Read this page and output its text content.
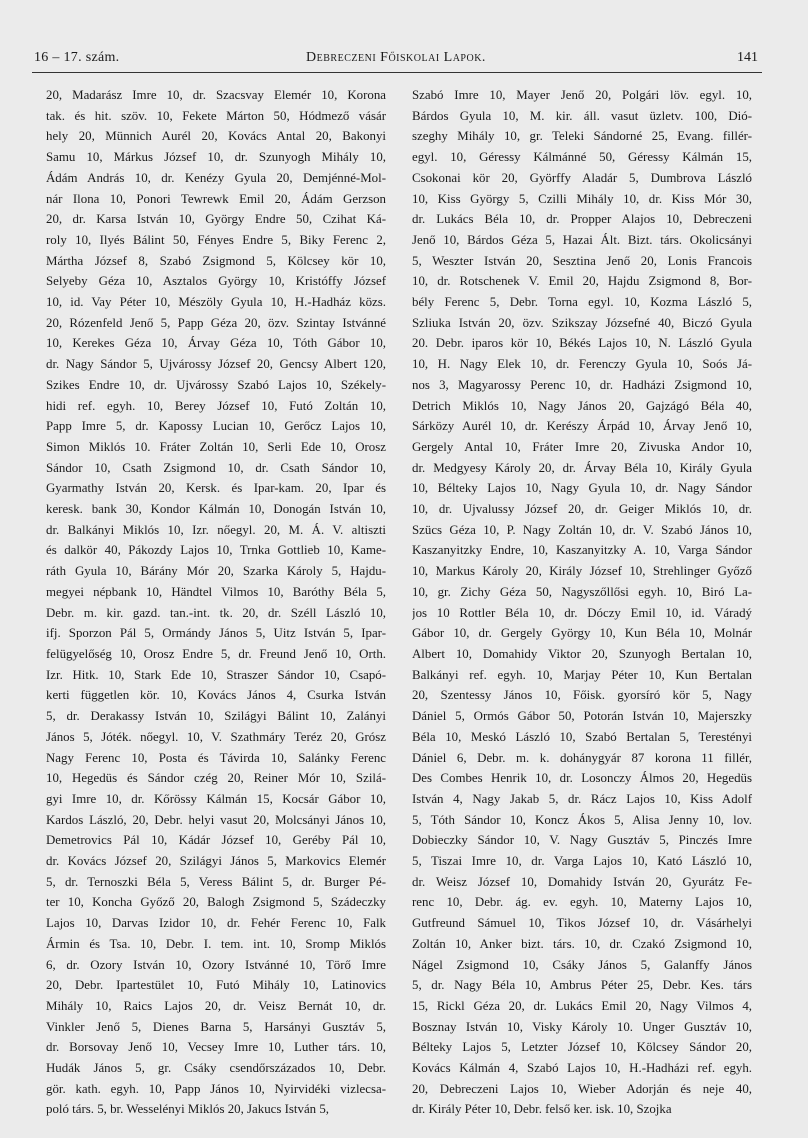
16 – 17. szám.	Debreczeni Főiskolai Lapok.	141
20, Madarász Imre 10, dr. Szacsvay Elemér 10, Korona
tak. és hit. szöv. 10, Fekete Márton 50, Hódmező vásár
hely 20, Münnich Aurél 20, Kovács Antal 20, Bakonyi
Samu 10, Márkus József 10, dr. Szunyogh Mihály 10,
Ádám András 10, dr. Kenézy Gyula 20, Demjénné-Mol-
nár Ilona 10, Ponori Tewrewk Emil 20, Ádám Gerzson
20, dr. Karsa István 10, György Endre 50, Czihat Ká-
roly 10, Ilyés Bálint 50, Fényes Endre 5, Biky Ferenc 2,
Mártha József 8, Szabó Zsigmond 5, Kölcsey kör 10,
Selyeby Géza 10, Asztalos György 10, Kristóffy József
10, id. Vay Péter 10, Mészöly Gyula 10, H.-Hadház közs.
20, Rózenfeld Jenő 5, Papp Géza 20, özv. Szintay Istvánné
10, Kerekes Géza 10, Árvay Géza 10, Tóth Gábor 10,
dr. Nagy Sándor 5, Ujvárossy József 20, Gencsy Albert 120,
Szikes Endre 10, dr. Ujvárossy Szabó Lajos 10, Székely-
hidi ref. egyh. 10, Berey József 10, Futó Zoltán 10,
Papp Imre 5, dr. Kapossy Lucian 10, Gerőcz Lajos 10,
Simon Miklós 10. Fráter Zoltán 10, Serli Ede 10, Orosz
Sándor 10, Csath Zsigmond 10, dr. Csath Sándor 10,
Gyarmathy István 20, Kersk. és Ipar-kam. 20, Ipar és
keresk. bank 30, Kondor Kálmán 10, Donogán István 10,
dr. Balkányi Miklós 10, Izr. nőegyl. 20, M. Á. V. altiszti
és dalkör 40, Pákozdy Lajos 10, Trnka Gottlieb 10, Kame-
ráth Gyula 10, Bárány Mór 20, Szarka Károly 5, Hajdu-
megyei népbank 10, Händtel Vilmos 10, Baróthy Béla 5,
Debr. m. kir. gazd. tan.-int. tk. 20, dr. Széll László 10,
ifj. Sporzon Pál 5, Ormándy János 5, Uitz István 5, Ipar-
felügyelőség 10, Orosz Endre 5, dr. Freund Jenő 10, Orth.
Izr. Hitk. 10, Stark Ede 10, Straszer Sándor 10, Csapó-
kerti független kör. 10, Kovács János 4, Csurka István
5, dr. Derakassy István 10, Szilágyi Bálint 10, Zalányi
János 5, Jóték. nőegyl. 10, V. Szathmáry Teréz 20, Grósz
Nagy Ferenc 10, Posta és Távirda 10, Salánky Ferenc
10, Hegedüs és Sándor czég 20, Reiner Mór 10, Szilá-
gyi Imre 10, dr. Kőrössy Kálmán 15, Kocsár Gábor 10,
Kardos László, 20, Debr. helyi vasut 20, Molcsányi János 10,
Demetrovics Pál 10, Kádár József 10, Geréby Pál 10,
dr. Kovács József 20, Szilágyi János 5, Markovics Elemér
5, dr. Ternoszki Béla 5, Veress Bálint 5, dr. Burger Pé-
ter 10, Koncha Győző 20, Balogh Zsigmond 5, Szádeczky
Lajos 10, Darvas Izidor 10, dr. Fehér Ferenc 10, Falk
Ármin és Tsa. 10, Debr. I. tem. int. 10, Sromp Miklós
6, dr. Ozory István 10, Ozory Istvánné 10, Törő Imre
20, Debr. Ipartestület 10, Futó Mihály 10, Latinovics
Mihály 10, Raics Lajos 20, dr. Veisz Bernát 10, dr.
Vinkler Jenő 5, Dienes Barna 5, Harsányi Gusztáv 5,
dr. Borsovay Jenő 10, Vecsey Imre 10, Luther társ. 10,
Hudák János 5, gr. Csáky csendőrszázados 10, Debr.
gör. kath. egyh. 10, Papp János 10, Nyirvidéki vizlecsa-
poló társ. 5, br. Wesselényi Miklós 20, Jakucs István 5,
Szabó Imre 10, Mayer Jenő 20, Polgári löv. egyl. 10,
Bárdos Gyula 10, M. kir. áll. vasut üzletv. 100, Dió-
szeghy Mihály 10, gr. Teleki Sándorné 25, Evang. fillér-
egyl. 10, Géressy Kálmánné 50, Géressy Kálmán 15,
Csokonai kör 20, Györffy Aladár 5, Dumbrova László
10, Kiss György 5, Czilli Mihály 10, dr. Kiss Mór 30,
dr. Lukács Béla 10, dr. Propper Alajos 10, Debreczeni
Jenő 10, Bárdos Géza 5, Hazai Ált. Bizt. társ. Okolicsányi
5, Weszter István 20, Sesztina Jenő 20, Lonis Francois
10, dr. Rotschenek V. Emil 20, Hajdu Zsigmond 8, Bor-
bély Ferenc 5, Debr. Torna egyl. 10, Kozma László 5,
Szliuka István 20, özv. Szikszay Józsefné 40, Biczó Gyula
20. Debr. iparos kör 10, Békés Lajos 10, N. László Gyula
10, H. Nagy Elek 10, dr. Ferenczy Gyula 10, Soós Já-
nos 3, Magyarossy Perenc 10, dr. Hadházi Zsigmond 10,
Detrich Miklós 10, Nagy János 20, Gajzágó Béla 40,
Sárközy Aurél 10, dr. Kerészy Árpád 10, Árvay Jenő 10,
Gergely Antal 10, Fráter Imre 20, Zivuska Andor 10,
dr. Medgyesy Károly 20, dr. Árvay Béla 10, Király Gyula
10, Bélteky Lajos 10, Nagy Gyula 10, dr. Nagy Sándor
10, dr. Ujvalussy József 20, dr. Geiger Miklós 10, dr.
Szücs Géza 10, P. Nagy Zoltán 10, dr. V. Szabó János 10,
Kaszanyitzky Endre, 10, Kaszanyitzky A. 10, Varga Sándor
10, Markus Károly 20, Király József 10, Strehlinger Győző
10, gr. Zichy Géza 50, Nagyszőllősi egyh. 10, Biró La-
jos 10 Rottler Béla 10, dr. Dóczy Emil 10, id. Váradý
Gábor 10, dr. Gergely György 10, Kun Béla 10, Molnár
Albert 10, Domahidy Viktor 20, Szunyogh Bertalan 10,
Balkányi ref. egyh. 10, Marjay Péter 10, Kun Bertalan
20, Szentessy János 10, Főisk. gyorsíró kör 5, Nagy
Dániel 5, Ormós Gábor 50, Potorán István 10, Majerszky
Béla 10, Meskó László 10, Szabó Bertalan 5, Terestényi
Dániel 6, Debr. m. k. dohánygyár 87 korona 11 fillér,
Des Combes Henrik 10, dr. Losonczy Álmos 20, Hegedüs
István 4, Nagy Jakab 5, dr. Rácz Lajos 10, Kiss Adolf
5, Tóth Sándor 10, Koncz Ákos 5, Alisa Jenny 10, lov.
Dobieczky Sándor 10, V. Nagy Gusztáv 5, Pinczés Imre
5, Tiszai Imre 10, dr. Varga Lajos 10, Kató László 10,
dr. Weisz József 10, Domahidy István 20, Gyurátz Fe-
renc 10, Debr. ág. ev. egyh. 10, Materny Lajos 10,
Gutfreund Sámuel 10, Tikos József 10, dr. Vásárhelyi
Zoltán 10, Anker bizt. társ. 10, dr. Czakó Zsigmond 10,
Nágel Zsigmond 10, Csáky János 5, Galanffy János
5, dr. Nagy Béla 10, Ambrus Péter 25, Debr. Kes. társ
15, Rickl Géza 20, dr. Lukács Emil 20, Nagy Vilmos 4,
Bosznay István 10, Visky Károly 10. Unger Gusztáv 10,
Bélteky Lajos 5, Letzter József 10, Kölcsey Sándor 20,
Kovács Kálmán 4, Szabó Lajos 10, H.-Hadházi ref. egyh.
20, Debreczeni Lajos 10, Wieber Adorján és neje 40,
dr. Király Péter 10, Debr. felső ker. isk. 10, Szojka
